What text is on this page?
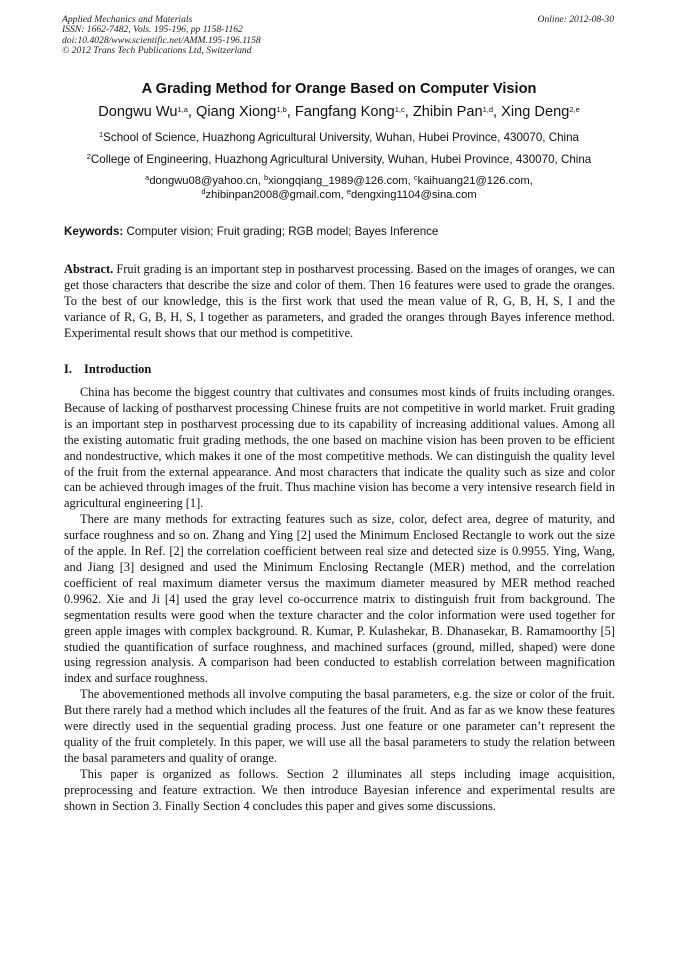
Applied Mechanics and Materials
ISSN: 1662-7482, Vols. 195-196, pp 1158-1162
doi:10.4028/www.scientific.net/AMM.195-196.1158
© 2012 Trans Tech Publications Ltd, Switzerland
Online: 2012-08-30
A Grading Method for Orange Based on Computer Vision
Dongwu Wu$^{1,a}$, Qiang Xiong$^{1,b}$, Fangfang Kong$^{1,c}$, Zhibin Pan$^{1,d}$, Xing Deng$^{2,e}$
$^1$School of Science, Huazhong Agricultural University, Wuhan, Hubei Province, 430070, China
$^2$College of Engineering, Huazhong Agricultural University, Wuhan, Hubei Province, 430070, China
$^a$dongwu08@yahoo.cn, $^b$xiongqiang_1989@126.com, $^c$kaihuang21@126.com,
$^d$zhibinpan2008@gmail.com, $^e$dengxing1104@sina.com
Keywords: Computer vision; Fruit grading; RGB model; Bayes Inference

Abstract. Fruit grading is an important step in postharvest processing. Based on the images of oranges, we can get those characters that describe the size and color of them. Then 16 features were used to grade the oranges. To the best of our knowledge, this is the first work that used the mean value of R, G, B, H, S, I and the variance of R, G, B, H, S, I together as parameters, and graded the oranges through Bayes inference method. Experimental result shows that our method is competitive.

I. Introduction

China has become the biggest country that cultivates and consumes most kinds of fruits including oranges. Because of lacking of postharvest processing Chinese fruits are not competitive in world market. Fruit grading is an important step in postharvest processing due to its capability of increasing additional values. Among all the existing automatic fruit grading methods, the one based on machine vision has been proven to be efficient and nondestructive, which makes it one of the most competitive methods. We can distinguish the quality level of the fruit from the external appearance. And most characters that indicate the quality such as size and color can be achieved through images of the fruit. Thus machine vision has become a very intensive research field in agricultural engineering [1].

There are many methods for extracting features such as size, color, defect area, degree of maturity, and surface roughness and so on. Zhang and Ying [2] used the Minimum Enclosed Rectangle to work out the size of the apple. In Ref. [2] the correlation coefficient between real size and detected size is 0.9955. Ying, Wang, and Jiang [3] designed and used the Minimum Enclosing Rectangle (MER) method, and the correlation coefficient of real maximum diameter versus the maximum diameter measured by MER method reached 0.9962. Xie and Ji [4] used the gray level co-occurrence matrix to distinguish fruit from background. The segmentation results were good when the texture character and the color information were used together for green apple images with complex background. R. Kumar, P. Kulashekar, B. Dhanasekar, B. Ramamoorthy [5] studied the quantification of surface roughness, and machined surfaces (ground, milled, shaped) were done using regression analysis. A comparison had been conducted to establish correlation between magnification index and surface roughness.

The abovementioned methods all involve computing the basal parameters, e.g. the size or color of the fruit. But there rarely had a method which includes all the features of the fruit. And as far as we know these features were directly used in the sequential grading process. Just one feature or one parameter can’t represent the quality of the fruit completely. In this paper, we will use all the basal parameters to study the relation between the basal parameters and quality of orange.

This paper is organized as follows. Section 2 illuminates all steps including image acquisition, preprocessing and feature extraction. We then introduce Bayesian inference and experimental results are shown in Section 3. Finally Section 4 concludes this paper and gives some discussions.
